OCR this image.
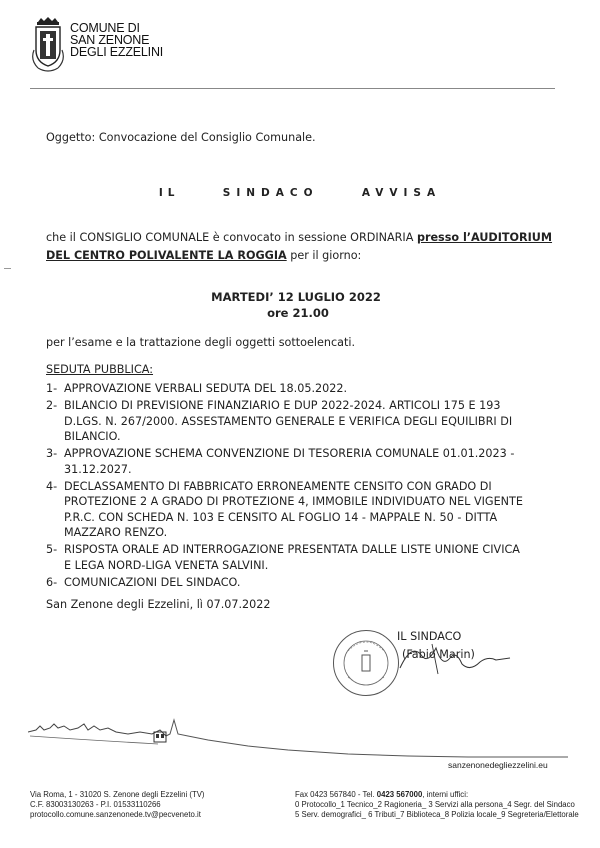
COMUNE DI
SAN ZENONE
DEGLI EZZELINI
Oggetto: Convocazione del Consiglio Comunale.
IL	SINDACO	AVVISA
che il CONSIGLIO COMUNALE è convocato in sessione ORDINARIA presso l’AUDITORIUM
DEL CENTRO POLIVALENTE LA ROGGIA per il giorno:
MARTEDI’ 12 LUGLIO 2022
ore 21.00
per l’esame e la trattazione degli oggetti sottoelencati.
SEDUTA PUBBLICA:
1- APPROVAZIONE VERBALI SEDUTA DEL 18.05.2022.
2- BILANCIO DI PREVISIONE FINANZIARIO E DUP 2022-2024. ARTICOLI 175 E 193
D.LGS. N. 267/2000. ASSESTAMENTO GENERALE E VERIFICA DEGLI EQUILIBRI DI
BILANCIO.
3- APPROVAZIONE SCHEMA CONVENZIONE DI TESORERIA COMUNALE 01.01.2023 -
31.12.2027.
4- DECLASSAMENTO DI FABBRICATO ERRONEAMENTE CENSITO CON GRADO DI
PROTEZIONE 2 A GRADO DI PROTEZIONE 4, IMMOBILE INDIVIDUATO NEL VIGENTE
P.R.C. CON SCHEDA N. 103 E CENSITO AL FOGLIO 14 - MAPPALE N. 50 - DITTA
MAZZARO RENZO.
5- RISPOSTA ORALE AD INTERROGAZIONE PRESENTATA DALLE LISTE UNIONE CIVICA
E LEGA NORD-LIGA VENETA SALVINI.
6- COMUNICAZIONI DEL SINDACO.
San Zenone degli Ezzelini, lì 07.07.2022
IL SINDACO
(Fabio Marin)
sanzenonedegliezzelini.eu
Via Roma, 1 - 31020 S. Zenone degli Ezzelini (TV)
C.F. 83003130263 - P.I. 01533110266
protocollo.comune.sanzenonede.tv@pecveneto.it
Fax 0423 567840 - Tel. 0423 567000, interni uffici:
0 Protocollo_1 Tecnico_2 Ragioneria_ 3 Servizi alla persona_4 Segr. del Sindaco
5 Serv. demografici_ 6 Tributi_7 Biblioteca_8 Polizia locale_9 Segreteria/Elettorale
